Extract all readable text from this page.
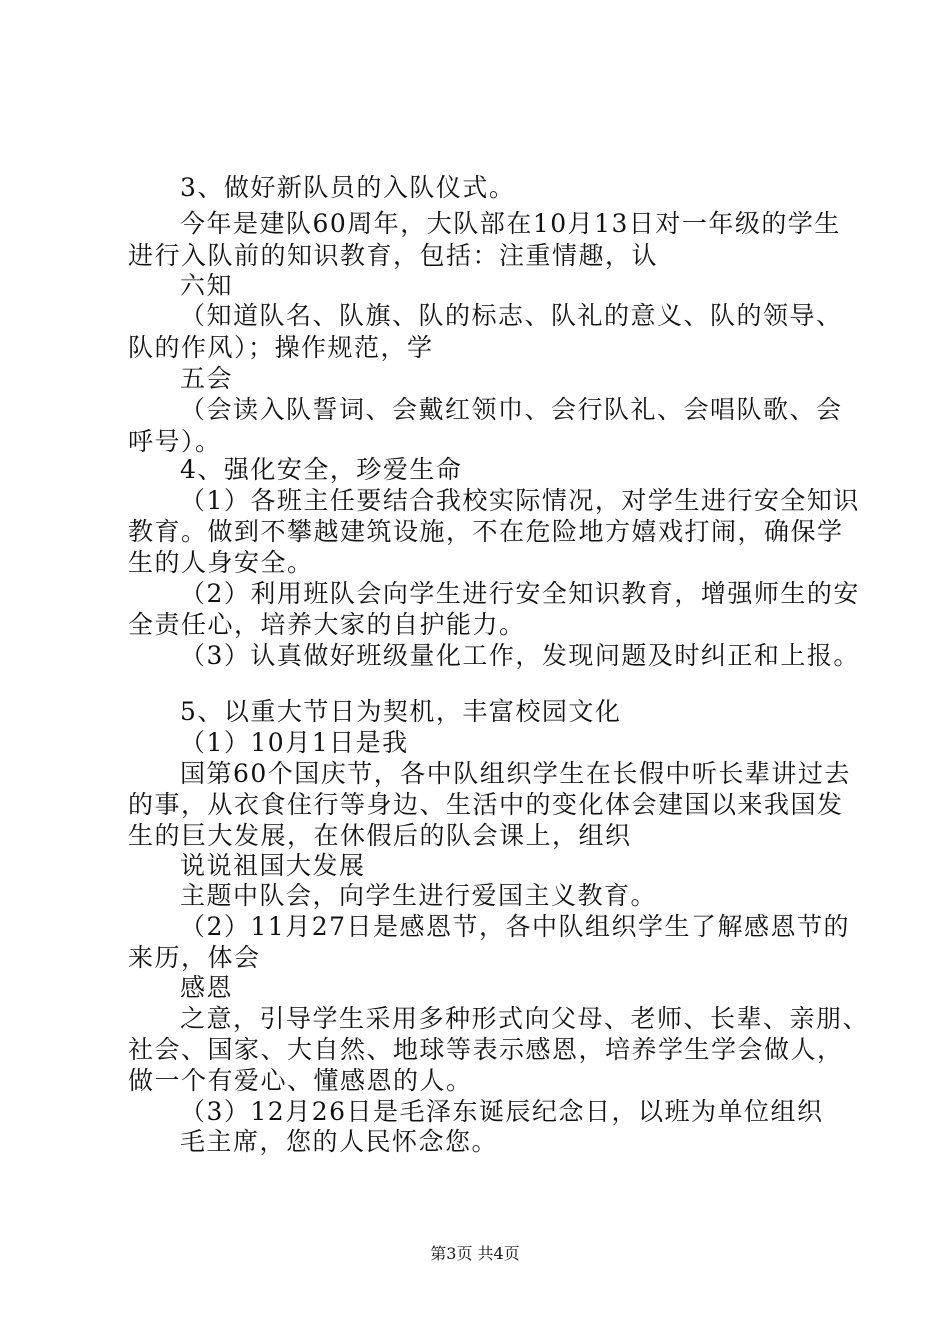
3、做好新队员的入队仪式。
今年是建队60周年，大队部在10月13日对一年级的学生
进行入队前的知识教育，包括：注重情趣，认
六知
（知道队名、队旗、队的标志、队礼的意义、队的领导、
队的作风）；操作规范，学
五会
（会读入队誓词、会戴红领巾、会行队礼、会唱队歌、会
呼号）。
4、强化安全，珍爱生命
（1）各班主任要结合我校实际情况，对学生进行安全知识
教育。做到不攀越建筑设施，不在危险地方嬉戏打闹，确保学
生的人身安全。
（2）利用班队会向学生进行安全知识教育，增强师生的安
全责任心，培养大家的自护能力。
（3）认真做好班级量化工作，发现问题及时纠正和上报。
5、以重大节日为契机，丰富校园文化
（1）10月1日是我
国第60个国庆节，各中队组织学生在长假中听长辈讲过去
的事，从衣食住行等身边、生活中的变化体会建国以来我国发
生的巨大发展，在休假后的队会课上，组织
说说祖国大发展
主题中队会，向学生进行爱国主义教育。
（2）11月27日是感恩节，各中队组织学生了解感恩节的
来历，体会
感恩
之意，引导学生采用多种形式向父母、老师、长辈、亲朋、
社会、国家、大自然、地球等表示感恩，培养学生学会做人，
做一个有爱心、懂感恩的人。
（3）12月26日是毛泽东诞辰纪念日，以班为单位组织
毛主席，您的人民怀念您。
第3页 共4页
